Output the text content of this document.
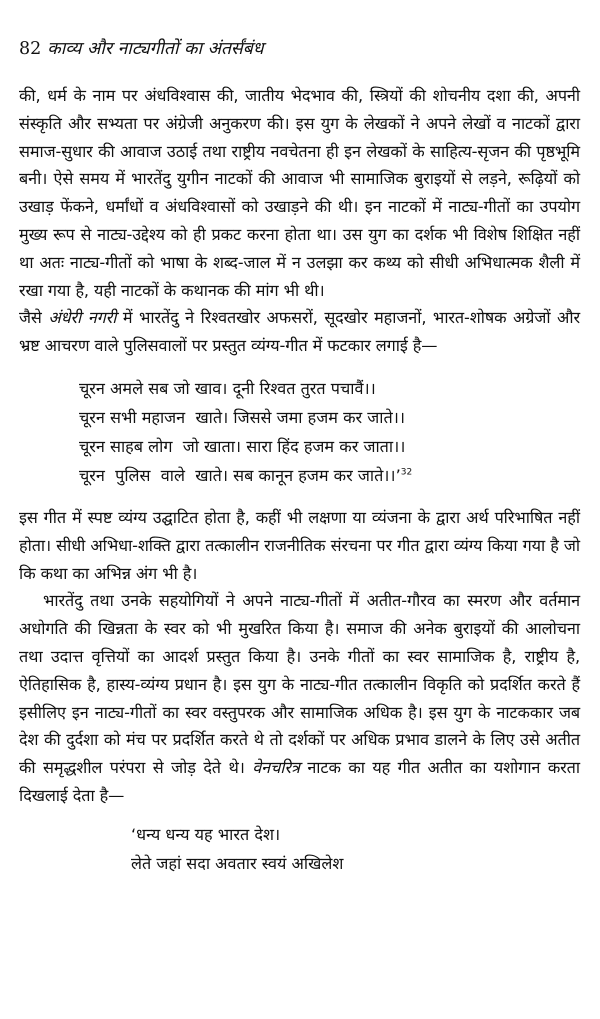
82 काव्य और नाट्यगीतों का अंतर्संबंध

की, धर्म के नाम पर अंधविश्वास की, जातीय भेदभाव की, स्त्रियों की शोचनीय दशा की, अपनी संस्कृति और सभ्यता पर अंग्रेजी अनुकरण की। इस युग के लेखकों ने अपने लेखों व नाटकों द्वारा समाज-सुधार की आवाज उठाई तथा राष्ट्रीय नवचेतना ही इन लेखकों के साहित्य-सृजन की पृष्ठभूमि बनी। ऐसे समय में भारतेंदु युगीन नाटकों की आवाज भी सामाजिक बुराइयों से लड़ने, रूढ़ियों को उखाड़ फेंकने, धर्मांधों व अंधविश्वासों को उखाड़ने की थी। इन नाटकों में नाट्य-गीतों का उपयोग मुख्य रूप से नाट्य-उद्देश्य को ही प्रकट करना होता था। उस युग का दर्शक भी विशेष शिक्षित नहीं था अतः नाट्य-गीतों को भाषा के शब्द-जाल में न उलझा कर कथ्य को सीधी अभिधात्मक शैली में रखा गया है, यही नाटकों के कथानक की मांग भी थी।

जैसे अंधेरी नगरी में भारतेंदु ने रिश्वतखोर अफसरों, सूदखोर महाजनों, भारत-शोषक अग्रेजों और भ्रष्ट आचरण वाले पुलिसवालों पर प्रस्तुत व्यंग्य-गीत में फटकार लगाई है—

चूरन अमले सब जो खाव। दूनी रिश्वत तुरत पचावैं।।
चूरन सभी महाजन  खाते। जिससे जमा हजम कर जाते।।
चूरन साहब लोग  जो खाता। सारा हिंद हजम कर जाता।।
चूरन  पुलिस  वाले  खाते। सब कानून हजम कर जाते।।’$^{32}$

इस गीत में स्पष्ट व्यंग्य उद्घाटित होता है, कहीं भी लक्षणा या व्यंजना के द्वारा अर्थ परिभाषित नहीं होता। सीधी अभिधा-शक्ति द्वारा तत्कालीन राजनीतिक संरचना पर गीत द्वारा व्यंग्य किया गया है जो कि कथा का अभिन्न अंग भी है।

भारतेंदु तथा उनके सहयोगियों ने अपने नाट्य-गीतों में अतीत-गौरव का स्मरण और वर्तमान अधोगति की खिन्नता के स्वर को भी मुखरित किया है। समाज की अनेक बुराइयों की आलोचना तथा उदात्त वृत्तियों का आदर्श प्रस्तुत किया है। उनके गीतों का स्वर सामाजिक है, राष्ट्रीय है, ऐतिहासिक है, हास्य-व्यंग्य प्रधान है। इस युग के नाट्य-गीत तत्कालीन विकृति को प्रदर्शित करते हैं इसीलिए इन नाट्य-गीतों का स्वर वस्तुपरक और सामाजिक अधिक है। इस युग के नाटककार जब देश की दुर्दशा को मंच पर प्रदर्शित करते थे तो दर्शकों पर अधिक प्रभाव डालने के लिए उसे अतीत की समृद्धशील परंपरा से जोड़ देते थे। वेनचरित्र नाटक का यह गीत अतीत का यशोगान करता दिखलाई देता है—

‘धन्य धन्य यह भारत देश।
लेते जहां सदा अवतार स्वयं अखिलेश
